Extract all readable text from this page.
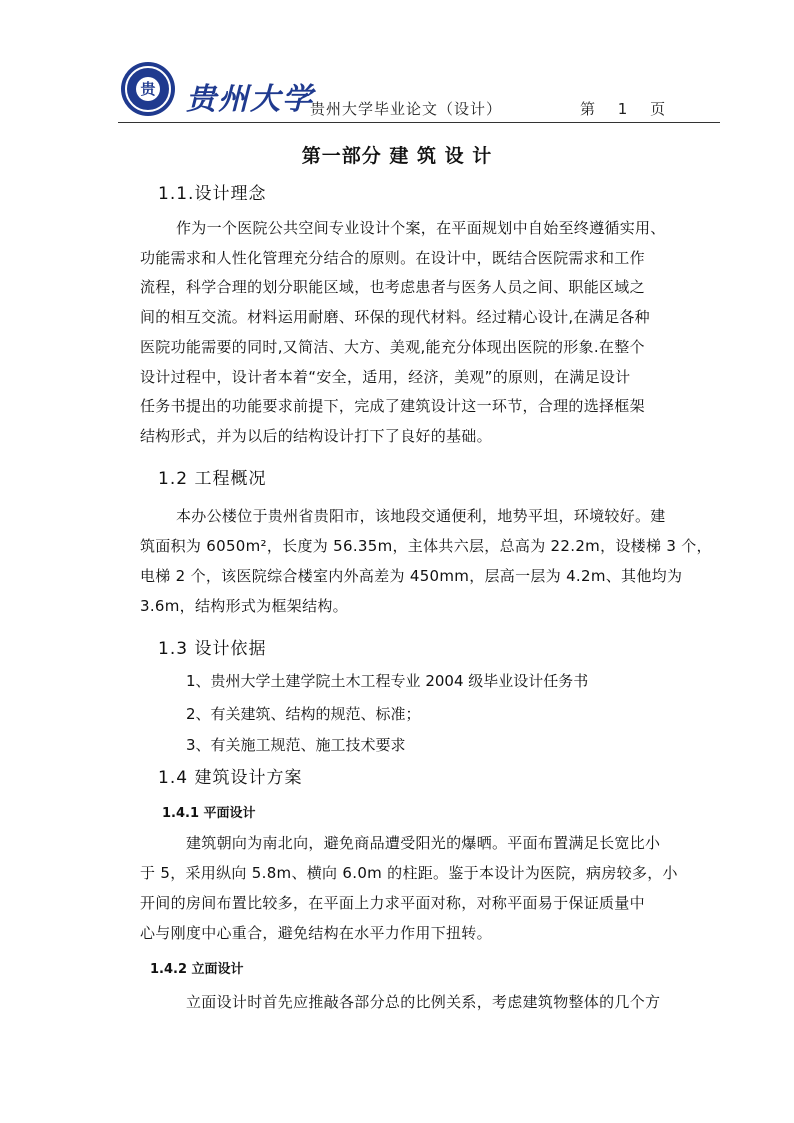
贵 贵州大学
贵州大学毕业论文（设计）	第 1 页
第一部分 建 筑 设 计
1.1.设计理念
作为一个医院公共空间专业设计个案，在平面规划中自始至终遵循实用、
功能需求和人性化管理充分结合的原则。在设计中，既结合医院需求和工作
流程，科学合理的划分职能区域，也考虑患者与医务人员之间、职能区域之
间的相互交流。材料运用耐磨、环保的现代材料。经过精心设计,在满足各种
医院功能需要的同时,又简洁、大方、美观,能充分体现出医院的形象.在整个
设计过程中，设计者本着“安全，适用，经济，美观”的原则，在满足设计
任务书提出的功能要求前提下，完成了建筑设计这一环节，合理的选择框架
结构形式，并为以后的结构设计打下了良好的基础。
1.2 工程概况
本办公楼位于贵州省贵阳市，该地段交通便利，地势平坦，环境较好。建
筑面积为 6050m²，长度为 56.35m，主体共六层，总高为 22.2m，设楼梯 3 个，
电梯 2 个，该医院综合楼室内外高差为 450mm，层高一层为 4.2m、其他均为
3.6m，结构形式为框架结构。
1.3 设计依据
1、贵州大学土建学院土木工程专业 2004 级毕业设计任务书
2、有关建筑、结构的规范、标准；
3、有关施工规范、施工技术要求
1.4 建筑设计方案
1.4.1 平面设计
建筑朝向为南北向，避免商品遭受阳光的爆晒。平面布置满足长宽比小
于 5，采用纵向 5.8m、横向 6.0m 的柱距。鉴于本设计为医院，病房较多，小
开间的房间布置比较多，在平面上力求平面对称，对称平面易于保证质量中
心与刚度中心重合，避免结构在水平力作用下扭转。
1.4.2 立面设计
立面设计时首先应推敲各部分总的比例关系，考虑建筑物整体的几个方
